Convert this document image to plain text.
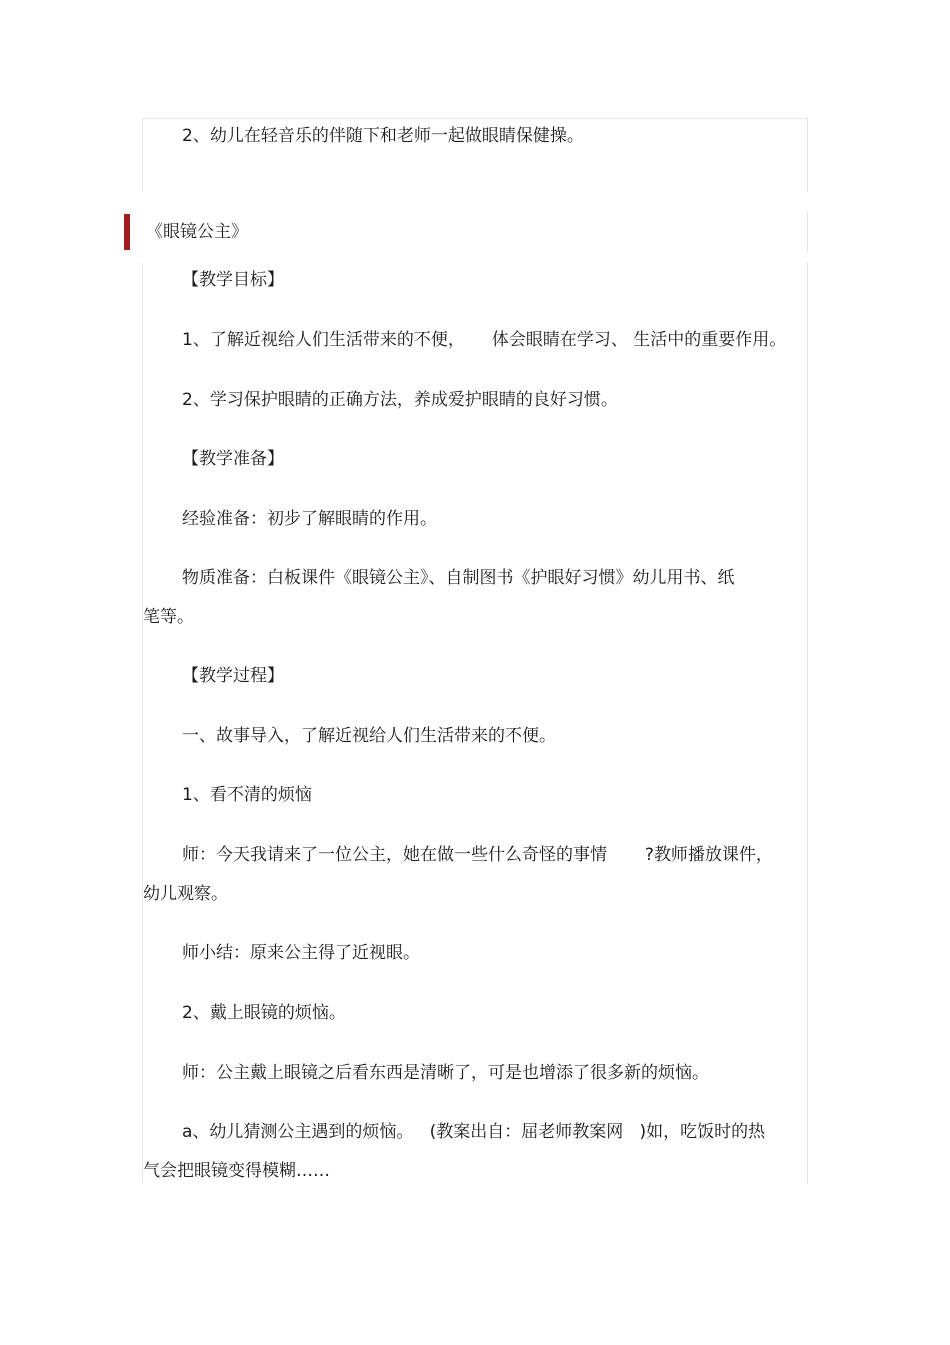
2、幼儿在轻音乐的伴随下和老师一起做眼睛保健操。

《眼镜公主》

【教学目标】

1、了解近视给人们生活带来的不便，     体会眼睛在学习、 生活中的重要作用。

2、学习保护眼睛的正确方法，养成爱护眼睛的良好习惯。

【教学准备】

经验准备：初步了解眼睛的作用。

物质准备：白板课件《眼镜公主》、自制图书《护眼好习惯》幼儿用书、纸

笔等。

【教学过程】

一、故事导入，了解近视给人们生活带来的不便。

1、看不清的烦恼

师：今天我请来了一位公主，她在做一些什么奇怪的事情       ?教师播放课件，

幼儿观察。

师小结：原来公主得了近视眼。

2、戴上眼镜的烦恼。

师：公主戴上眼镜之后看东西是清晰了，可是也增添了很多新的烦恼。

a、幼儿猜测公主遇到的烦恼。   (教案出自：屈老师教案网   )如，吃饭时的热

气会把眼镜变得模糊……
